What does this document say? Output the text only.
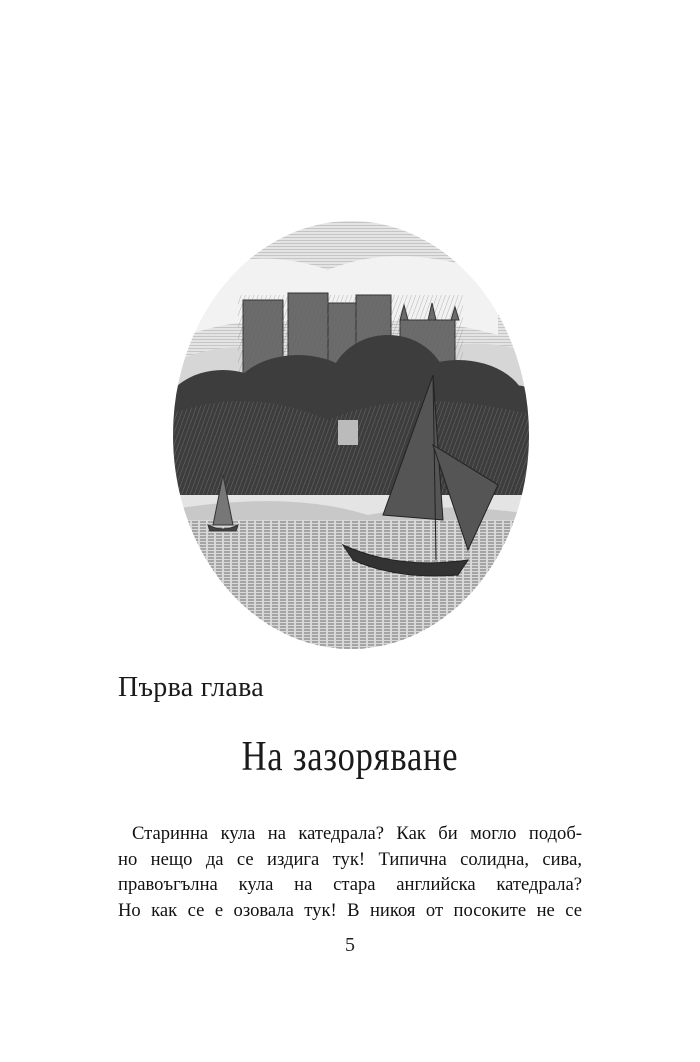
Първа глава
На зазоряване
Старинна кула на катедрала? Как би могло подоб-
но нещо да се издига тук! Типична солидна, сива,
правоъгълна кула на стара английска катедрала?
Но как се е озовала тук! В никоя от посоките не се
5
